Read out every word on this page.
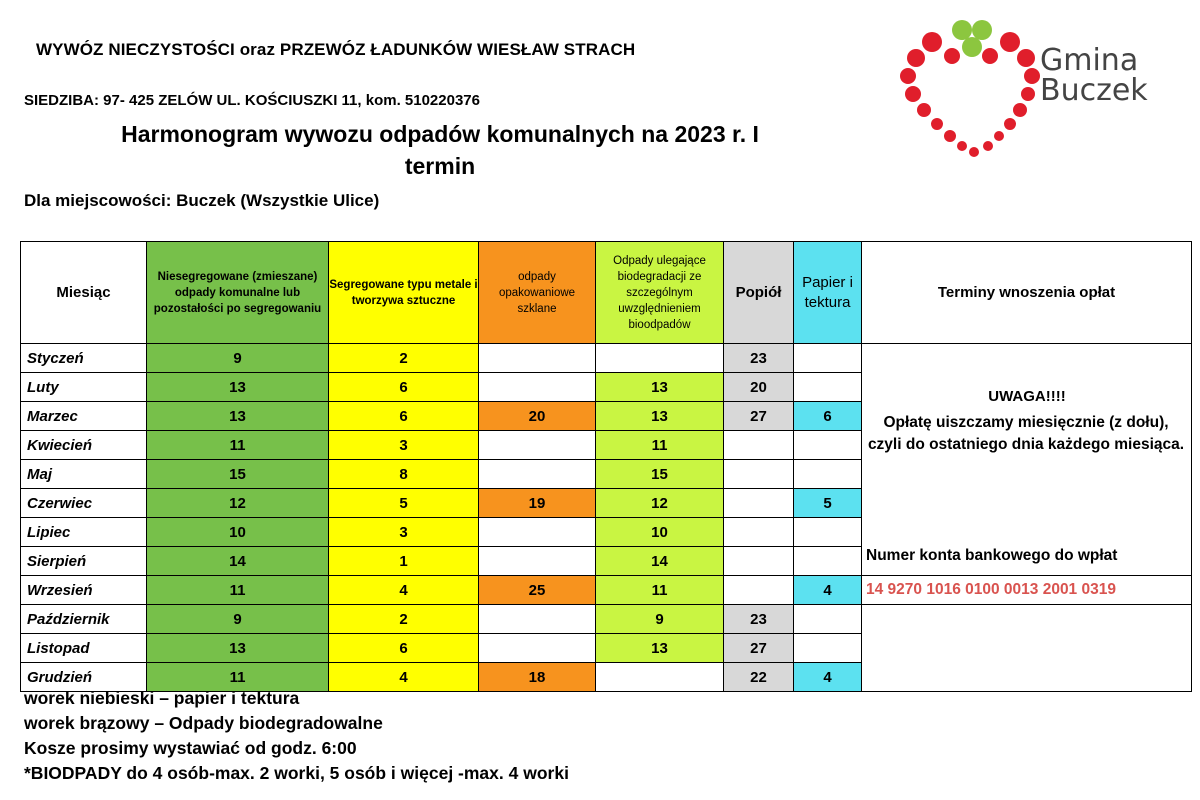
WYWÓZ NIECZYSTOŚCI oraz PRZEWÓZ ŁADUNKÓW WIESŁAW STRACH
SIEDZIBA: 97- 425 ZELÓW UL. KOŚCIUSZKI 11, kom. 510220376
Harmonogram wywozu odpadów komunalnych na 2023 r. I
termin
Dla miejscowości: Buczek (Wszystkie Ulice)
Gmina
Buczek
Miesiąc	Niesegregowane (zmieszane) odpady komunalne lub pozostałości po segregowaniu	Segregowane typu metale i tworzywa sztuczne	odpady opakowaniowe szklane	Odpady ulegające biodegradacji ze szczególnym uwzględnieniem bioodpadów	Popiół	Papier i tektura	Terminy wnoszenia opłat
Styczeń	9	2			23		UWAGA!!!!
Opłatę uiszczamy miesięcznie (z dołu), czyli do ostatniego dnia każdego miesiąca.
Numer konta bankowego do wpłat

Luty	13	6		13	20		
Marzec	13	6	20	13	27	6	
Kwiecień	11	3		11			
Maj	15	8		15			
Czerwiec	12	5	19	12		5	
Lipiec	10	3		10			
Sierpień	14	1		14			
Wrzesień	11	4	25	11		4	14 9270 1016 0100 0013 2001 0319
Październik	9	2		9	23		
Listopad	13	6		13	27		
Grudzień	11	4	18		22	4	
worek niebieski – papier i tektura
worek brązowy – Odpady biodegradowalne
Kosze prosimy wystawiać od godz. 6:00
*BIODPADY do 4 osób-max. 2 worki, 5 osób i więcej -max. 4 worki
